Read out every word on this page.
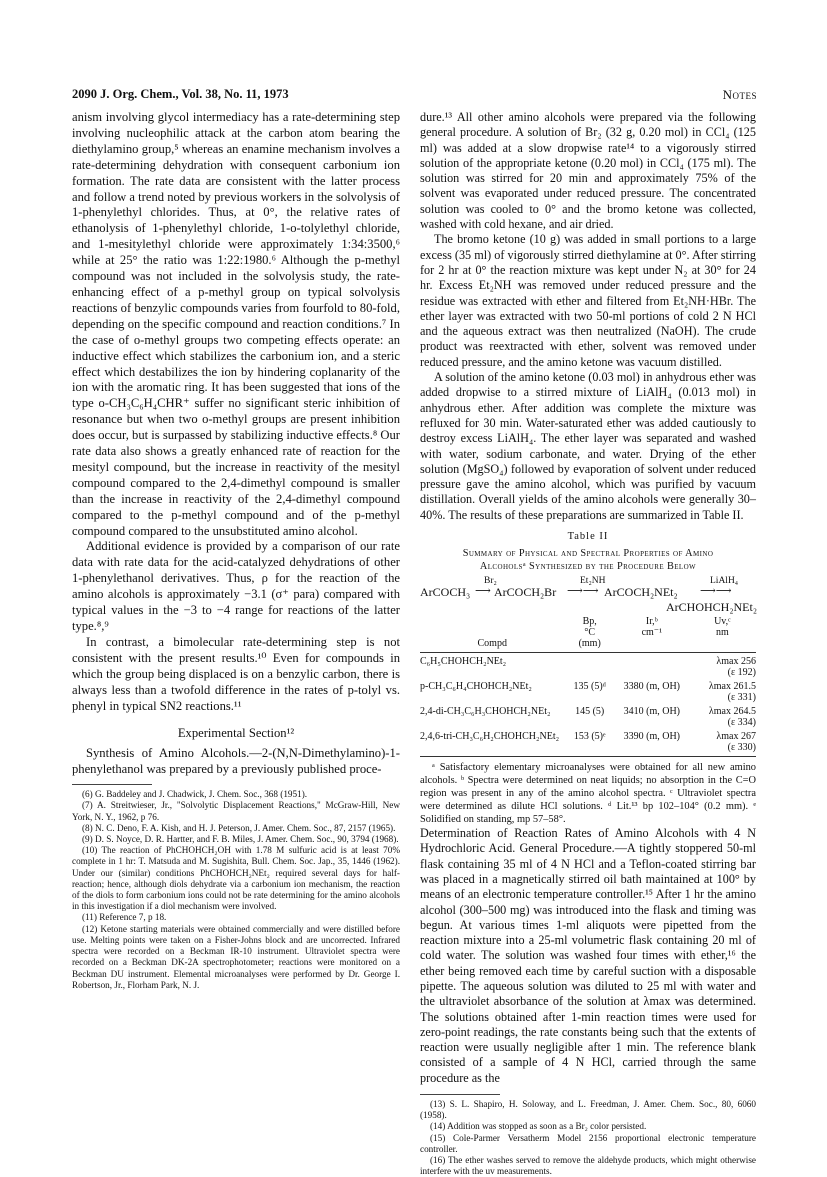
2090 J. Org. Chem., Vol. 38, No. 11, 1973	Notes

anism involving glycol intermediacy has a rate-determining step involving nucleophilic attack at the carbon atom bearing the diethylamino group,⁵ whereas an enamine mechanism involves a rate-determining dehydration with consequent carbonium ion formation. The rate data are consistent with the latter process and follow a trend noted by previous workers in the solvolysis of 1-phenylethyl chlorides. Thus, at 0°, the relative rates of ethanolysis of 1-phenylethyl chloride, 1-o-tolylethyl chloride, and 1-mesitylethyl chloride were approximately 1:34:3500,⁶ while at 25° the ratio was 1:22:1980.⁶ Although the p-methyl compound was not included in the solvolysis study, the rate-enhancing effect of a p-methyl group on typical solvolysis reactions of benzylic compounds varies from fourfold to 80-fold, depending on the specific compound and reaction conditions.⁷ In the case of o-methyl groups two competing effects operate: an inductive effect which stabilizes the carbonium ion, and a steric effect which destabilizes the ion by hindering coplanarity of the ion with the aromatic ring. It has been suggested that ions of the type o-CH₃C₆H₄CHR⁺ suffer no significant steric inhibition of resonance but when two o-methyl groups are present inhibition does occur, but is surpassed by stabilizing inductive effects.⁸ Our rate data also shows a greatly enhanced rate of reaction for the mesityl compound, but the increase in reactivity of the mesityl compound compared to the 2,4-dimethyl compound is smaller than the increase in reactivity of the 2,4-dimethyl compound compared to the p-methyl compound and of the p-methyl compound compared to the unsubstituted amino alcohol.

Additional evidence is provided by a comparison of our rate data with rate data for the acid-catalyzed dehydrations of other 1-phenylethanol derivatives. Thus, ρ for the reaction of the amino alcohols is approximately −3.1 (σ⁺ para) compared with typical values in the −3 to −4 range for reactions of the latter type.⁸,⁹

In contrast, a bimolecular rate-determining step is not consistent with the present results.¹⁰ Even for compounds in which the group being displaced is on a benzylic carbon, there is always less than a twofold difference in the rates of p-tolyl vs. phenyl in typical SN2 reactions.¹¹

Experimental Section¹²

Synthesis of Amino Alcohols.—2-(N,N-Dimethylamino)-1-phenylethanol was prepared by a previously published proce-

(6) G. Baddeley and J. Chadwick, J. Chem. Soc., 368 (1951).

(7) A. Streitwieser, Jr., "Solvolytic Displacement Reactions," McGraw-Hill, New York, N. Y., 1962, p 76.

(8) N. C. Deno, F. A. Kish, and H. J. Peterson, J. Amer. Chem. Soc., 87, 2157 (1965).

(9) D. S. Noyce, D. R. Hartter, and F. B. Miles, J. Amer. Chem. Soc., 90, 3794 (1968).

(10) The reaction of PhCHOHCH₂OH with 1.78 M sulfuric acid is at least 70% complete in 1 hr: T. Matsuda and M. Sugishita, Bull. Chem. Soc. Jap., 35, 1446 (1962). Under our (similar) conditions PhCHOHCH₂NEt₂ required several days for half-reaction; hence, although diols dehydrate via a carbonium ion mechanism, the reaction of the diols to form carbonium ions could not be rate determining for the amino alcohols in this investigation if a diol mechanism were involved.

(11) Reference 7, p 18.

(12) Ketone starting materials were obtained commercially and were distilled before use. Melting points were taken on a Fisher-Johns block and are uncorrected. Infrared spectra were recorded on a Beckman IR-10 instrument. Ultraviolet spectra were recorded on a Beckman DK-2A spectrophotometer; reactions were monitored on a Beckman DU instrument. Elemental microanalyses were performed by Dr. George I. Robertson, Jr., Florham Park, N. J.

dure.¹³ All other amino alcohols were prepared via the following general procedure. A solution of Br₂ (32 g, 0.20 mol) in CCl₄ (125 ml) was added at a slow dropwise rate¹⁴ to a vigorously stirred solution of the appropriate ketone (0.20 mol) in CCl₄ (175 ml). The solution was stirred for 20 min and approximately 75% of the solvent was evaporated under reduced pressure. The concentrated solution was cooled to 0° and the bromo ketone was collected, washed with cold hexane, and air dried.

The bromo ketone (10 g) was added in small portions to a large excess (35 ml) of vigorously stirred diethylamine at 0°. After stirring for 2 hr at 0° the reaction mixture was kept under N₂ at 30° for 24 hr. Excess Et₂NH was removed under reduced pressure and the residue was extracted with ether and filtered from Et₂NH·HBr. The ether layer was extracted with two 50-ml portions of cold 2 N HCl and the aqueous extract was then neutralized (NaOH). The crude product was reextracted with ether, solvent was removed under reduced pressure, and the amino ketone was vacuum distilled.

A solution of the amino ketone (0.03 mol) in anhydrous ether was added dropwise to a stirred mixture of LiAlH₄ (0.013 mol) in anhydrous ether. After addition was complete the mixture was refluxed for 30 min. Water-saturated ether was added cautiously to destroy excess LiAlH₄. The ether layer was separated and washed with water, sodium carbonate, and water. Drying of the ether solution (MgSO₄) followed by evaporation of solvent under reduced pressure gave the amino alcohol, which was purified by vacuum distillation. Overall yields of the amino alcohols were generally 30–40%. The results of these preparations are summarized in Table II.

Table II
Summary of Physical and Spectral Properties of Amino
Alcoholsᵃ Synthesized by the Procedure Below
ArCOCH₃
Br₂
⟶ ArCOCH₂Br
Et₂NH
⟶⟶ ArCOCH₂NEt₂
LiAlH₄
⟶⟶
ArCHOHCH₂NEt₂
	Bp,	Ir,ᵇ	Uv,ᶜ
	°C	cm⁻¹	nm
Compd	(mm)		
C₆H₅CHOHCH₂NEt₂			λmax 256
(ε 192)

p-CH₃C₆H₄CHOHCH₂NEt₂	135 (5)ᵈ	3380 (m, OH)	λmax 261.5
(ε 331)

2,4-di-CH₃C₆H₃CHOHCH₂NEt₂	145 (5)	3410 (m, OH)	λmax 264.5
(ε 334)

2,4,6-tri-CH₃C₆H₂CHOHCH₂NEt₂	153 (5)ᵉ	3390 (m, OH)	λmax 267
(ε 330)
ᵃ Satisfactory elementary microanalyses were obtained for all new amino alcohols. ᵇ Spectra were determined on neat liquids; no absorption in the C=O region was present in any of the amino alcohol spectra. ᶜ Ultraviolet spectra were determined as dilute HCl solutions. ᵈ Lit.¹³ bp 102–104° (0.2 mm). ᵉ Solidified on standing, mp 57–58°.

Determination of Reaction Rates of Amino Alcohols with 4 N Hydrochloric Acid. General Procedure.—A tightly stoppered 50-ml flask containing 35 ml of 4 N HCl and a Teflon-coated stirring bar was placed in a magnetically stirred oil bath maintained at 100° by means of an electronic temperature controller.¹⁵ After 1 hr the amino alcohol (300–500 mg) was introduced into the flask and timing was begun. At various times 1-ml aliquots were pipetted from the reaction mixture into a 25-ml volumetric flask containing 20 ml of cold water. The solution was washed four times with ether,¹⁶ the ether being removed each time by careful suction with a disposable pipette. The aqueous solution was diluted to 25 ml with water and the ultraviolet absorbance of the solution at λmax was determined. The solutions obtained after 1-min reaction times were used for zero-point readings, the rate constants being such that the extents of reaction were usually negligible after 1 min. The reference blank consisted of a sample of 4 N HCl, carried through the same procedure as the

(13) S. L. Shapiro, H. Soloway, and L. Freedman, J. Amer. Chem. Soc., 80, 6060 (1958).

(14) Addition was stopped as soon as a Br₂ color persisted.

(15) Cole-Parmer Versatherm Model 2156 proportional electronic temperature controller.

(16) The ether washes served to remove the aldehyde products, which might otherwise interfere with the uv measurements.
